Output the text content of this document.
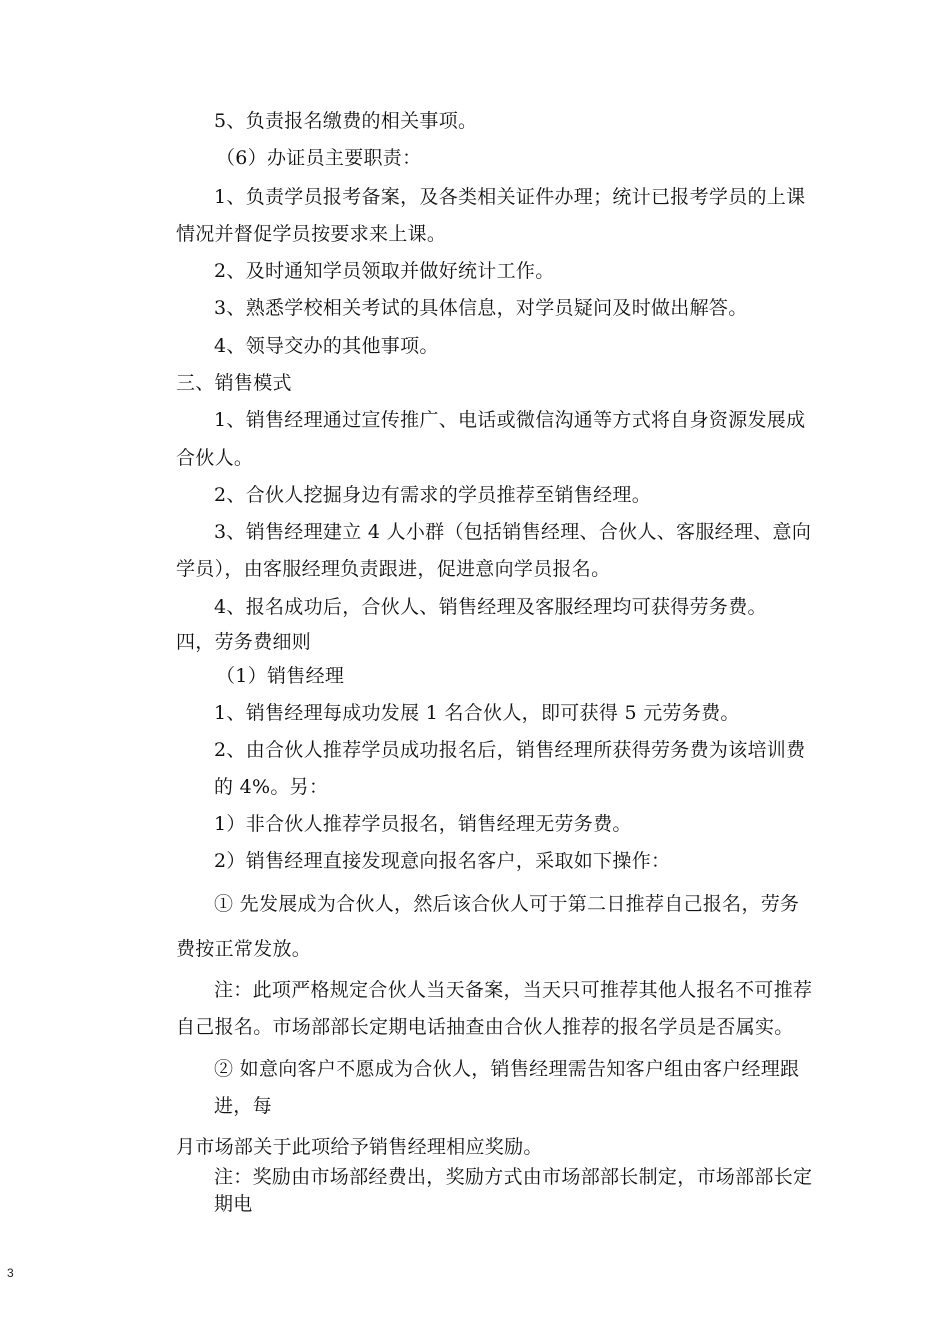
5、负责报名缴费的相关事项。
（6）办证员主要职责：
1、负责学员报考备案，及各类相关证件办理；统计已报考学员的上课
情况并督促学员按要求来上课。
2、及时通知学员领取并做好统计工作。
3、熟悉学校相关考试的具体信息，对学员疑问及时做出解答。
4、领导交办的其他事项。
三、销售模式
1、销售经理通过宣传推广、电话或微信沟通等方式将自身资源发展成
合伙人。
2、合伙人挖掘身边有需求的学员推荐至销售经理。
3、销售经理建立 4 人小群（包括销售经理、合伙人、客服经理、意向
学员），由客服经理负责跟进，促进意向学员报名。
4、报名成功后，合伙人、销售经理及客服经理均可获得劳务费。
四，劳务费细则
（1）销售经理
1、销售经理每成功发展 1 名合伙人，即可获得 5 元劳务费。
2、由合伙人推荐学员成功报名后，销售经理所获得劳务费为该培训费
的 4%。另：
1）非合伙人推荐学员报名，销售经理无劳务费。
2）销售经理直接发现意向报名客户，采取如下操作：
① 先发展成为合伙人，然后该合伙人可于第二日推荐自己报名，劳务
费按正常发放。
注：此项严格规定合伙人当天备案，当天只可推荐其他人报名不可推荐
自己报名。市场部部长定期电话抽查由合伙人推荐的报名学员是否属实。
② 如意向客户不愿成为合伙人，销售经理需告知客户组由客户经理跟
进，每
月市场部关于此项给予销售经理相应奖励。
注：奖励由市场部经费出，奖励方式由市场部部长制定，市场部部长定
期电
3
